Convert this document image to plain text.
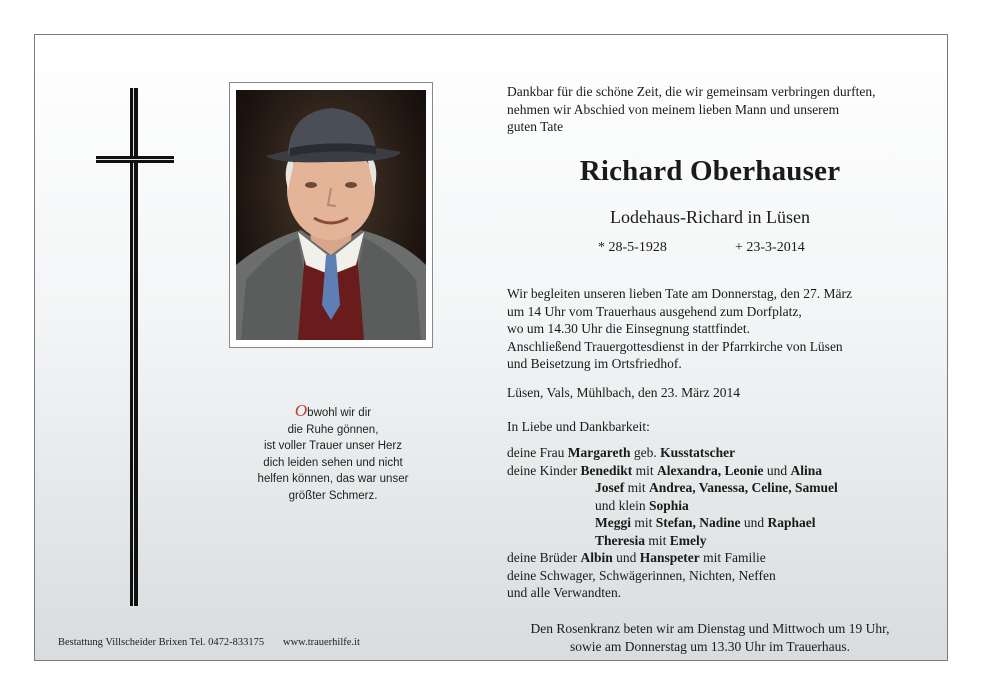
Obwohl wir dir
die Ruhe gönnen,
ist voller Trauer unser Herz
dich leiden sehen und nicht
helfen können, das war unser
größter Schmerz.
Bestattung Villscheider Brixen Tel. 0472-833175 www.trauerhilfe.it
Dankbar für die schöne Zeit, die wir gemeinsam verbringen durften,
nehmen wir Abschied von meinem lieben Mann und unserem
guten Tate
Richard Oberhauser
Lodehaus-Richard in Lüsen
* 28-5-1928	+ 23-3-2014
Wir begleiten unseren lieben Tate am Donnerstag, den 27. März
um 14 Uhr vom Trauerhaus ausgehend zum Dorfplatz,
wo um 14.30 Uhr die Einsegnung stattfindet.
Anschließend Trauergottesdienst in der Pfarrkirche von Lüsen
und Beisetzung im Ortsfriedhof.
Lüsen, Vals, Mühlbach, den 23. März 2014
In Liebe und Dankbarkeit:
deine Frau Margareth geb. Kusstatscher
deine Kinder Benedikt mit Alexandra, Leonie und Alina
Josef mit Andrea, Vanessa, Celine, Samuel
und klein Sophia
Meggi mit Stefan, Nadine und Raphael
Theresia mit Emely
deine Brüder Albin und Hanspeter mit Familie
deine Schwager, Schwägerinnen, Nichten, Neffen
und alle Verwandten.
Den Rosenkranz beten wir am Dienstag und Mittwoch um 19 Uhr,
sowie am Donnerstag um 13.30 Uhr im Trauerhaus.
